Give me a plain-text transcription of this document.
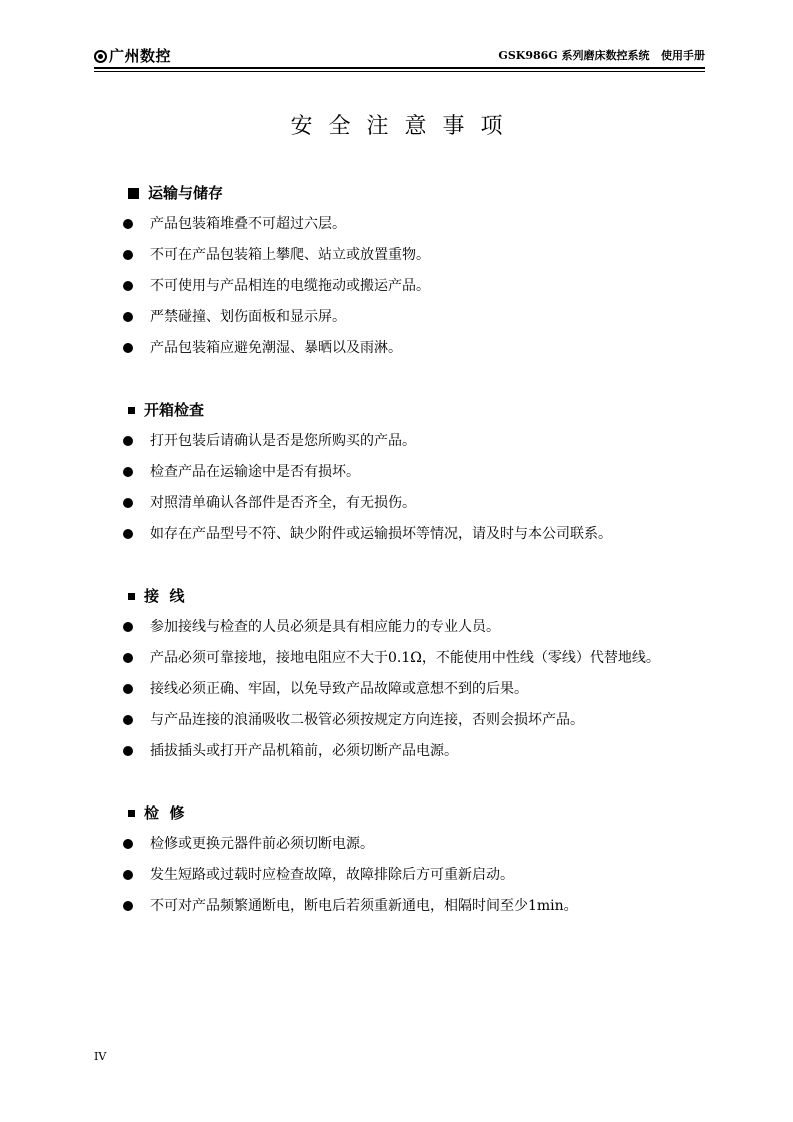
广州数控	GSK986G 系列磨床数控系统   使用手册
安全注意事项
运输与储存
产品包装箱堆叠不可超过六层。
不可在产品包装箱上攀爬、站立或放置重物。
不可使用与产品相连的电缆拖动或搬运产品。
严禁碰撞、划伤面板和显示屏。
产品包装箱应避免潮湿、暴晒以及雨淋。
开箱检查
打开包装后请确认是否是您所购买的产品。
检查产品在运输途中是否有损坏。
对照清单确认各部件是否齐全，有无损伤。
如存在产品型号不符、缺少附件或运输损坏等情况，请及时与本公司联系。
接  线
参加接线与检查的人员必须是具有相应能力的专业人员。
产品必须可靠接地，接地电阻应不大于0.1Ω，不能使用中性线（零线）代替地线。
接线必须正确、牢固，以免导致产品故障或意想不到的后果。
与产品连接的浪涌吸收二极管必须按规定方向连接，否则会损坏产品。
插拔插头或打开产品机箱前，必须切断产品电源。
检  修
检修或更换元器件前必须切断电源。
发生短路或过载时应检查故障，故障排除后方可重新启动。
不可对产品频繁通断电，断电后若须重新通电，相隔时间至少1min。
IV
